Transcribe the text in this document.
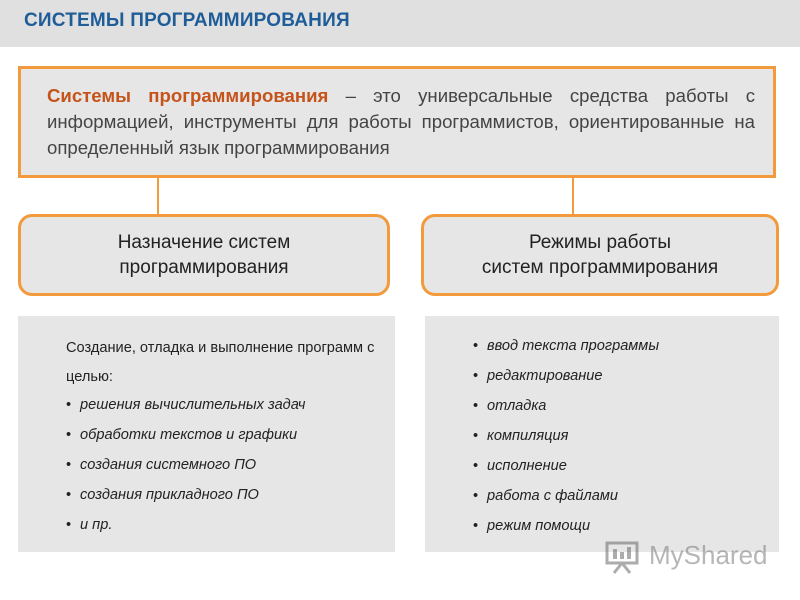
СИСТЕМЫ ПРОГРАММИРОВАНИЯ
Системы программирования – это универсальные средства работы с информацией, инструменты для работы программистов, ориентированные на определенный язык программирования
Назначение систем
программирования
Режимы работы
систем программирования
Создание, отладка и выполнение программ с целью:
• решения вычислительных задач
• обработки текстов и графики
• создания системного ПО
• создания прикладного ПО
• и пр.
• ввод текста программы
• редактирование
• отладка
• компиляция
• исполнение
• работа с файлами
• режим помощи
MyShared
